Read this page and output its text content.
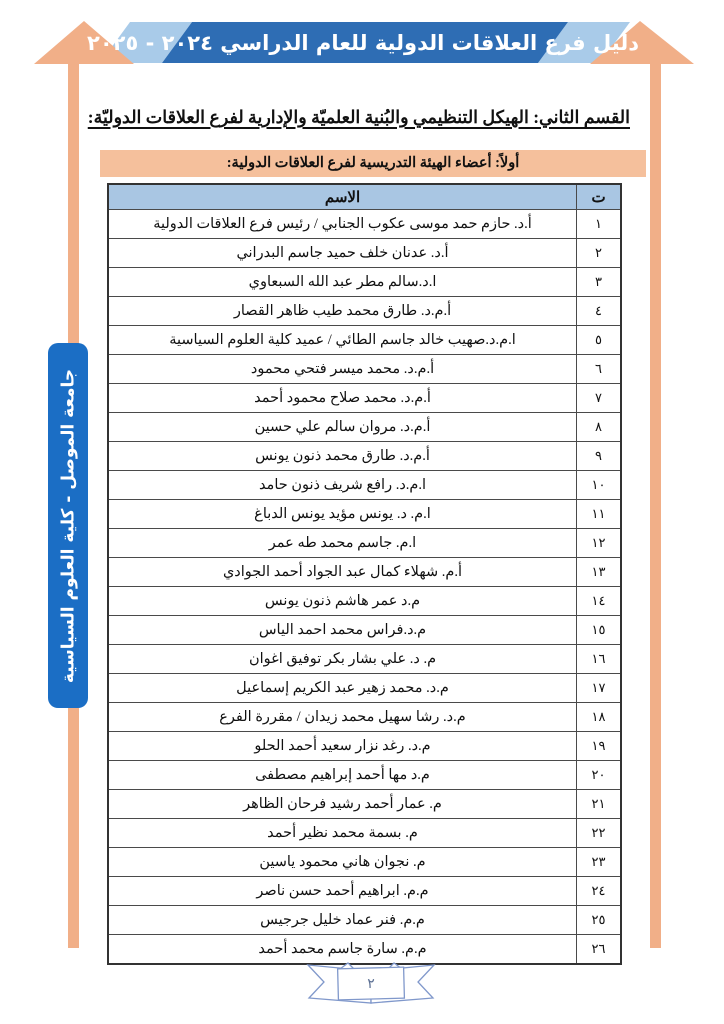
دليل فرع العلاقات الدولية للعام الدراسي ٢٠٢٤ - ٢٠٢٥
جامعة الموصل - كلية العلوم السياسية
القسم الثاني: الهيكل التنظيمي والبُنية العلميّة والإدارية لفرع العلاقات الدوليّة:
أولاً: أعضاء الهيئة التدريسية لفرع العلاقات الدولية:
ت	الاسم
١	أ.د. حازم حمد موسى عكوب الجنابي / رئيس فرع العلاقات الدولية
٢	أ.د. عدنان خلف حميد جاسم البدراني
٣	ا.د.سالم مطر عبد الله السبعاوي
٤	أ.م.د. طارق محمد طيب ظاهر القصار
٥	ا.م.د.صهيب خالد جاسم الطائي / عميد كلية العلوم السياسية
٦	أ.م.د. محمد ميسر فتحي محمود
٧	أ.م.د. محمد صلاح محمود أحمد
٨	أ.م.د. مروان سالم علي حسين
٩	أ.م.د. طارق محمد ذنون يونس
١٠	ا.م.د. رافع شريف ذنون حامد
١١	ا.م. د. يونس مؤيد يونس الدباغ
١٢	ا.م. جاسم محمد طه عمر
١٣	أ.م. شهلاء كمال عبد الجواد أحمد الجوادي
١٤	م.د عمر هاشم ذنون يونس
١٥	م.د.فراس محمد احمد الياس
١٦	م. د. علي بشار بكر توفيق اغوان
١٧	م.د. محمد زهير عبد الكريم إسماعيل
١٨	م.د. رشا سهيل محمد زيدان / مقررة الفرع
١٩	م.د. رغد نزار سعيد أحمد الحلو
٢٠	م.د مها أحمد إبراهيم مصطفى
٢١	م. عمار أحمد رشيد فرحان الظاهر
٢٢	م. بسمة محمد نظير أحمد
٢٣	م. نجوان هاني محمود ياسين
٢٤	م.م. ابراهيم أحمد حسن ناصر
٢٥	م.م. فنر عماد خليل جرجيس
٢٦	م.م. سارة جاسم محمد أحمد
٢
